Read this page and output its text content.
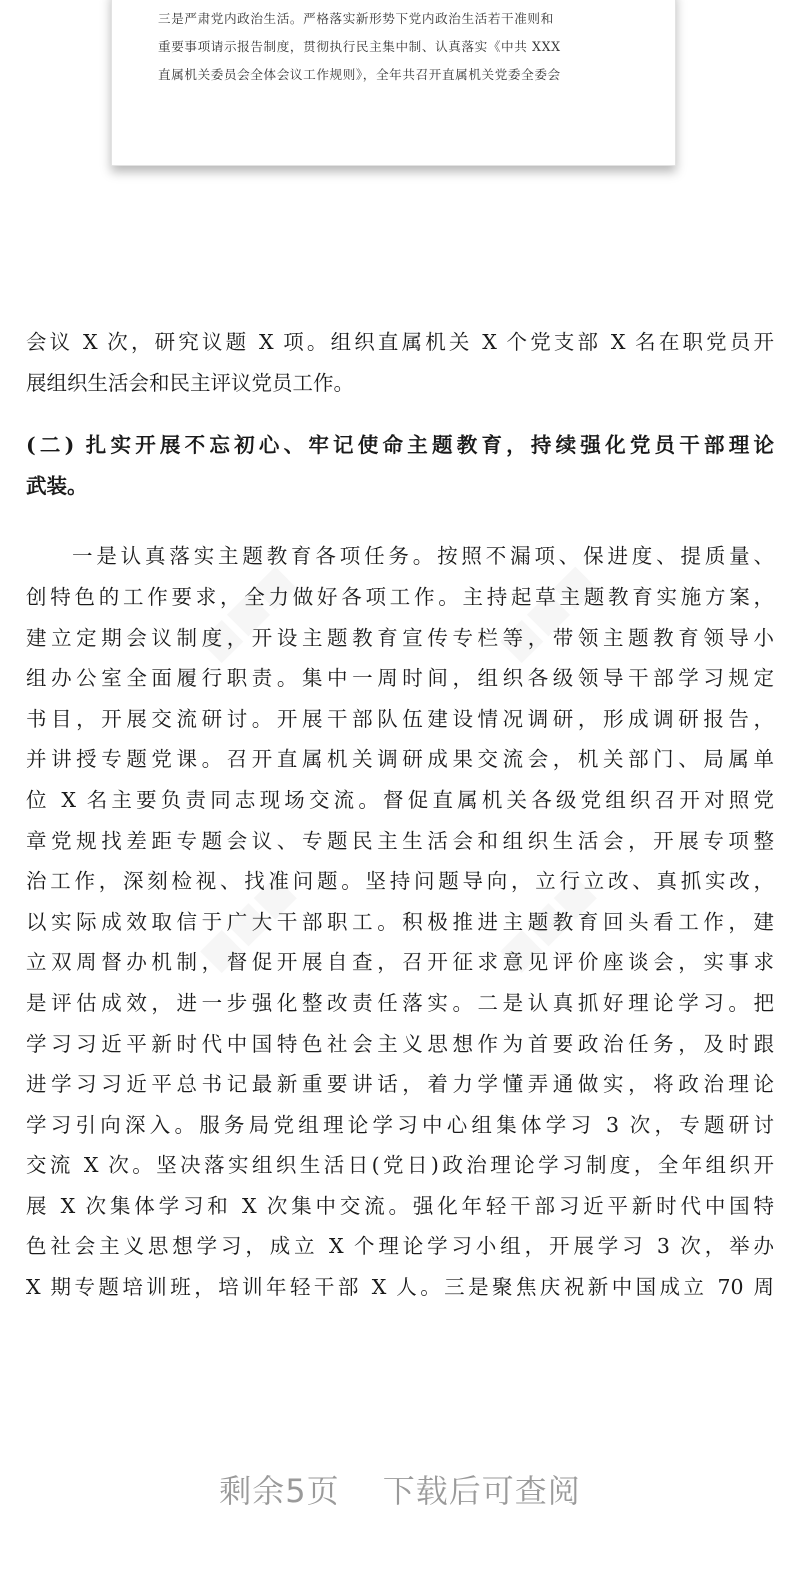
三是严肃党内政治生活。严格落实新形势下党内政治生活若干准则和
重要事项请示报告制度，贯彻执行民主集中制、认真落实《中共 XXX
直属机关委员会全体会议工作规则》，全年共召开直属机关党委全委会

会议 X 次，研究议题 X 项。组织直属机关 X 个党支部 X 名在职党员开
展组织生活会和民主评议党员工作。

(二) 扎实开展不忘初心、牢记使命主题教育，持续强化党员干部理论
武装。

一是认真落实主题教育各项任务。按照不漏项、保进度、提质量、
创特色的工作要求，全力做好各项工作。主持起草主题教育实施方案，
建立定期会议制度，开设主题教育宣传专栏等，带领主题教育领导小
组办公室全面履行职责。集中一周时间，组织各级领导干部学习规定
书目，开展交流研讨。开展干部队伍建设情况调研，形成调研报告，
并讲授专题党课。召开直属机关调研成果交流会，机关部门、局属单
位 X 名主要负责同志现场交流。督促直属机关各级党组织召开对照党
章党规找差距专题会议、专题民主生活会和组织生活会，开展专项整
治工作，深刻检视、找准问题。坚持问题导向，立行立改、真抓实改，
以实际成效取信于广大干部职工。积极推进主题教育回头看工作，建
立双周督办机制，督促开展自查，召开征求意见评价座谈会，实事求
是评估成效，进一步强化整改责任落实。二是认真抓好理论学习。把
学习习近平新时代中国特色社会主义思想作为首要政治任务，及时跟
进学习习近平总书记最新重要讲话，着力学懂弄通做实，将政治理论
学习引向深入。服务局党组理论学习中心组集体学习 3 次，专题研讨
交流 X 次。坚决落实组织生活日(党日)政治理论学习制度，全年组织开
展 X 次集体学习和 X 次集中交流。强化年轻干部习近平新时代中国特
色社会主义思想学习，成立 X 个理论学习小组，开展学习 3 次，举办
X 期专题培训班，培训年轻干部 X 人。三是聚焦庆祝新中国成立 70 周

剩余5页 下载后可查阅
